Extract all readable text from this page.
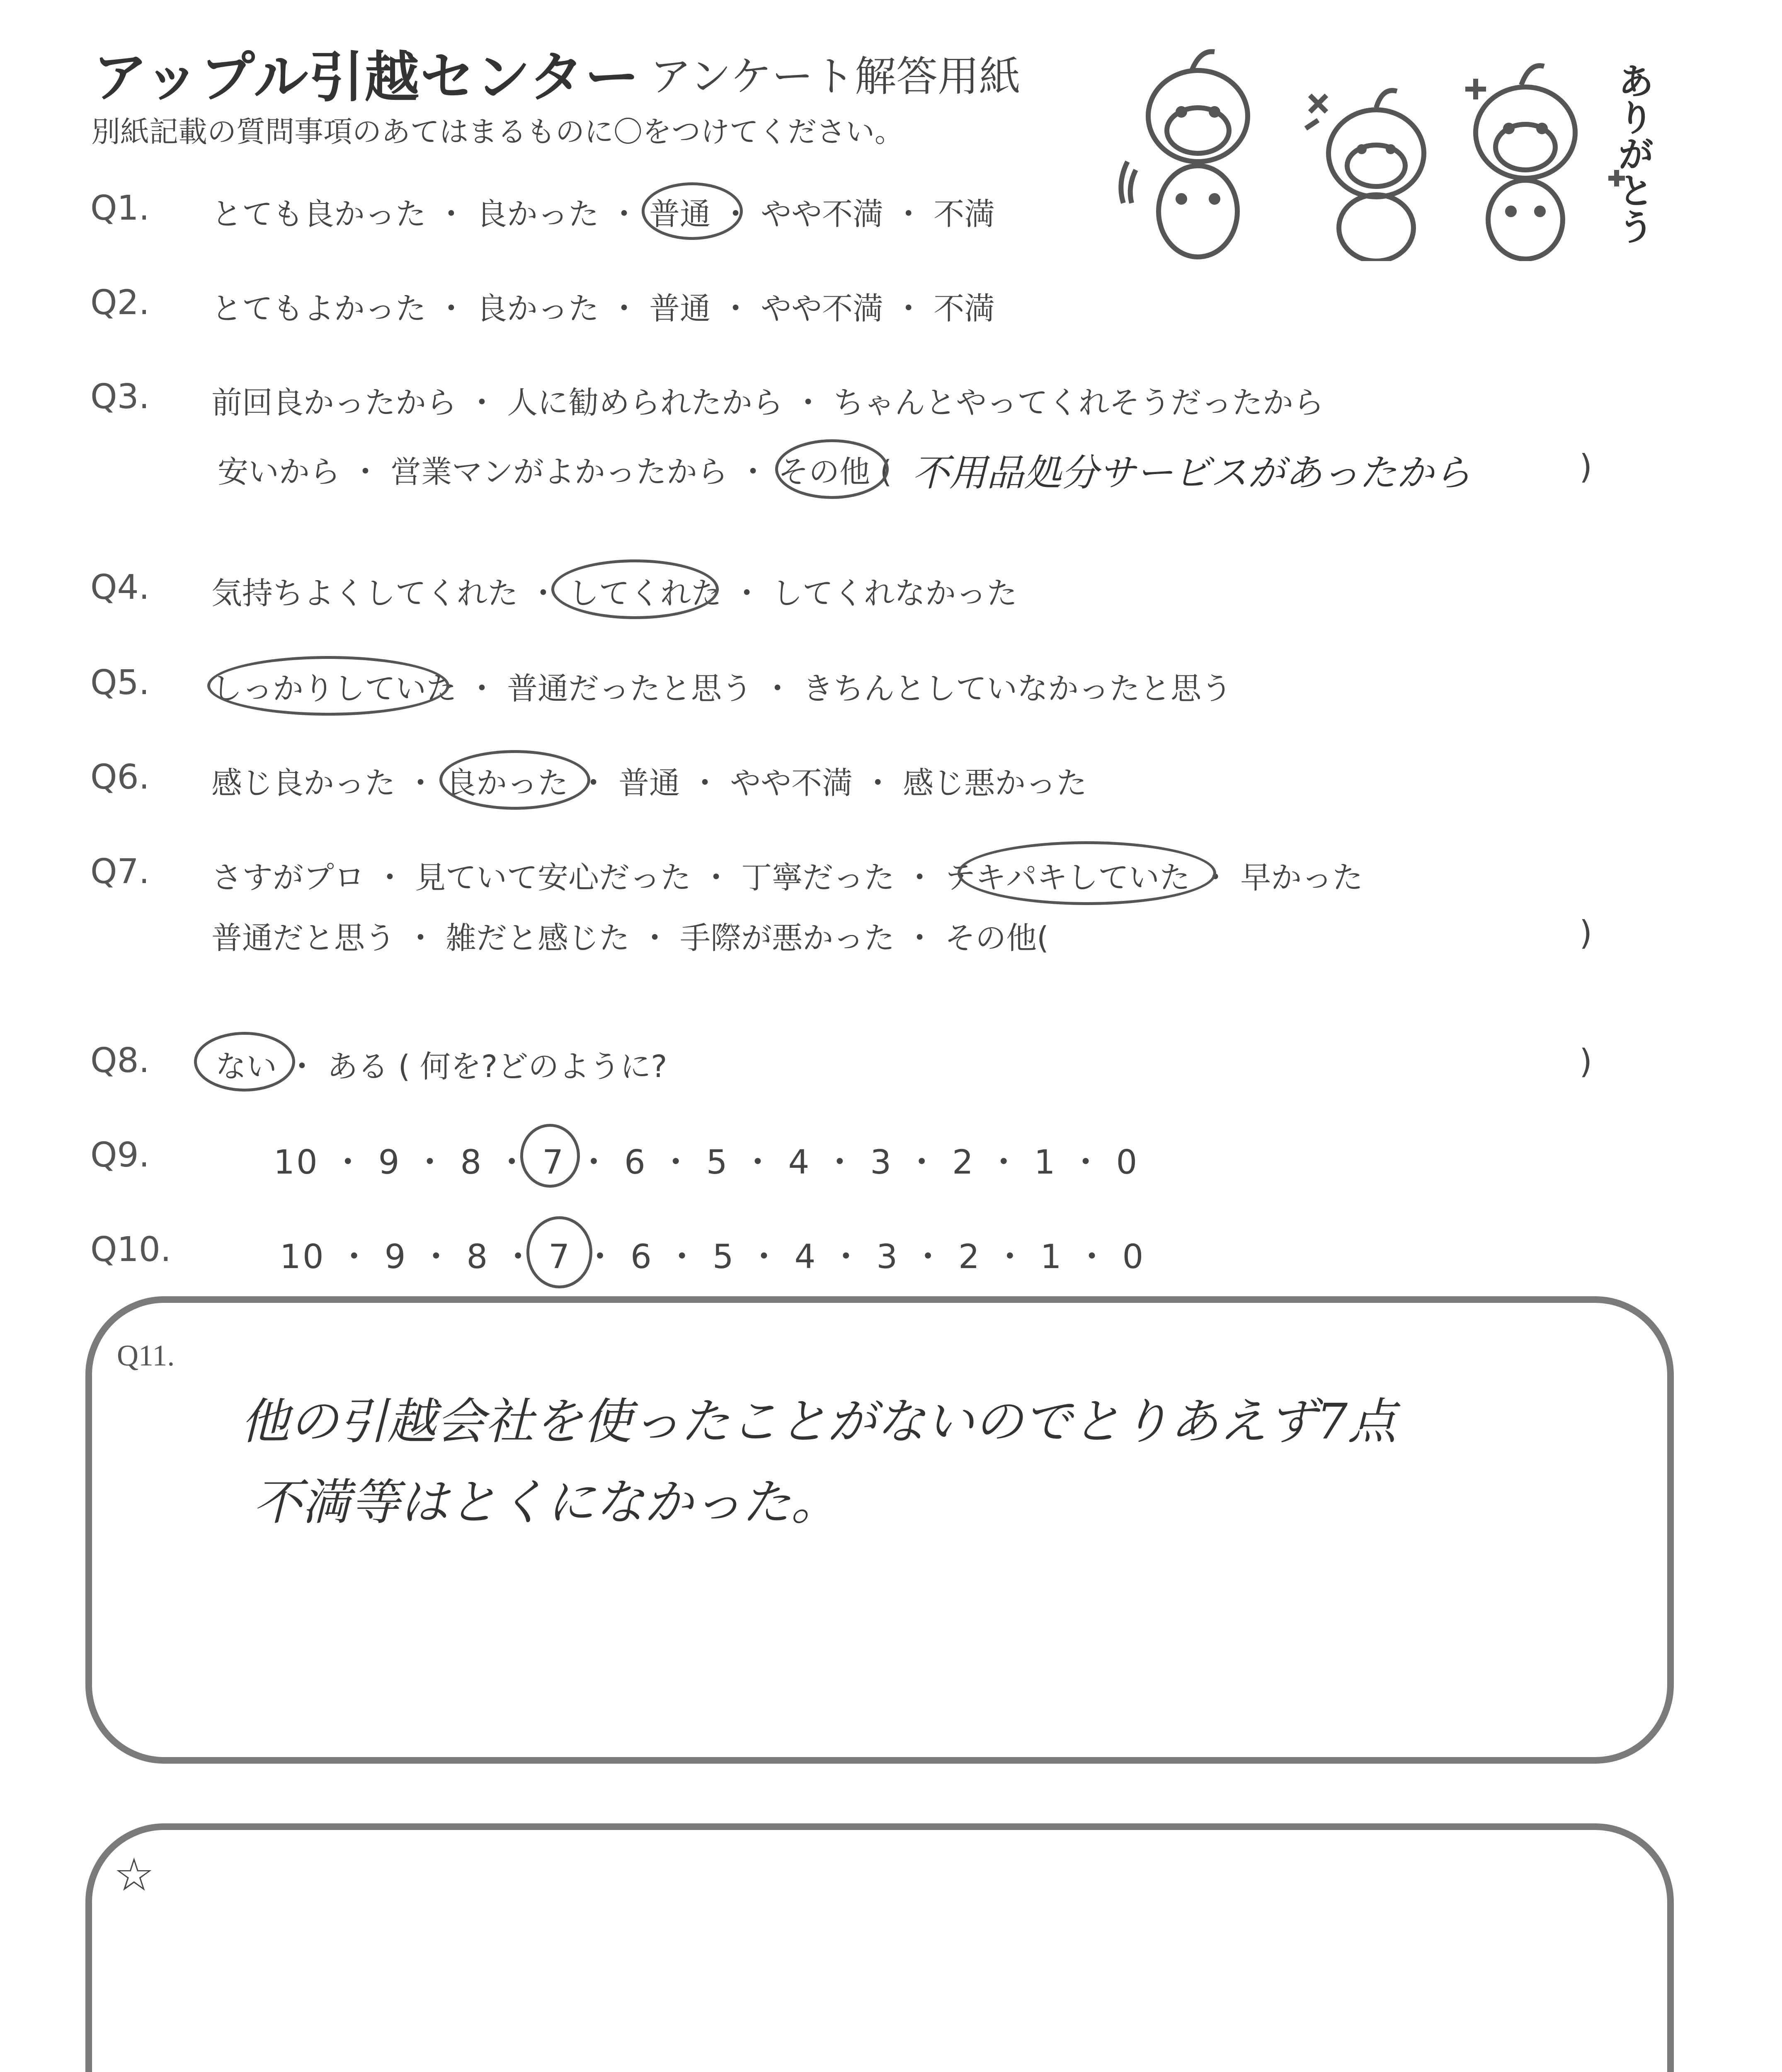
アップル引越センター アンケート解答用紙
別紙記載の質問事項のあてはまるものに〇をつけてください。	ありがとう
Q1. とても良かった ・ 良かった ・ 普通 ・ やや不満 ・ 不満
Q2. とてもよかった ・ 良かった ・ 普通 ・ やや不満 ・ 不満
Q3. 前回良かったから ・ 人に勧められたから ・ ちゃんとやってくれそうだったから
安いから ・ 営業マンがよかったから ・ その他 ( 不用品処分サービスがあったから	)
Q4. 気持ちよくしてくれた ・ してくれた ・ してくれなかった
Q5. しっかりしていた ・ 普通だったと思う ・ きちんとしていなかったと思う
Q6. 感じ良かった ・ 良かった ・ 普通 ・ やや不満 ・ 感じ悪かった
Q7. さすがプロ ・ 見ていて安心だった ・ 丁寧だった ・ テキパキしていた ・ 早かった
普通だと思う ・ 雑だと感じた ・ 手際が悪かった ・ その他(	)
Q8. ない ・ ある ( 何を?どのように?	)
Q9.	10 ・ 9 ・ 8 ・ 7 ・ 6 ・ 5 ・ 4 ・ 3 ・ 2 ・ 1 ・ 0
Q10.	10 ・ 9 ・ 8 ・ 7 ・ 6 ・ 5 ・ 4 ・ 3 ・ 2 ・ 1 ・ 0
Q11.
他の引越会社を使ったことがないのでとりあえず7点
不満等はとくになかった。
☆
